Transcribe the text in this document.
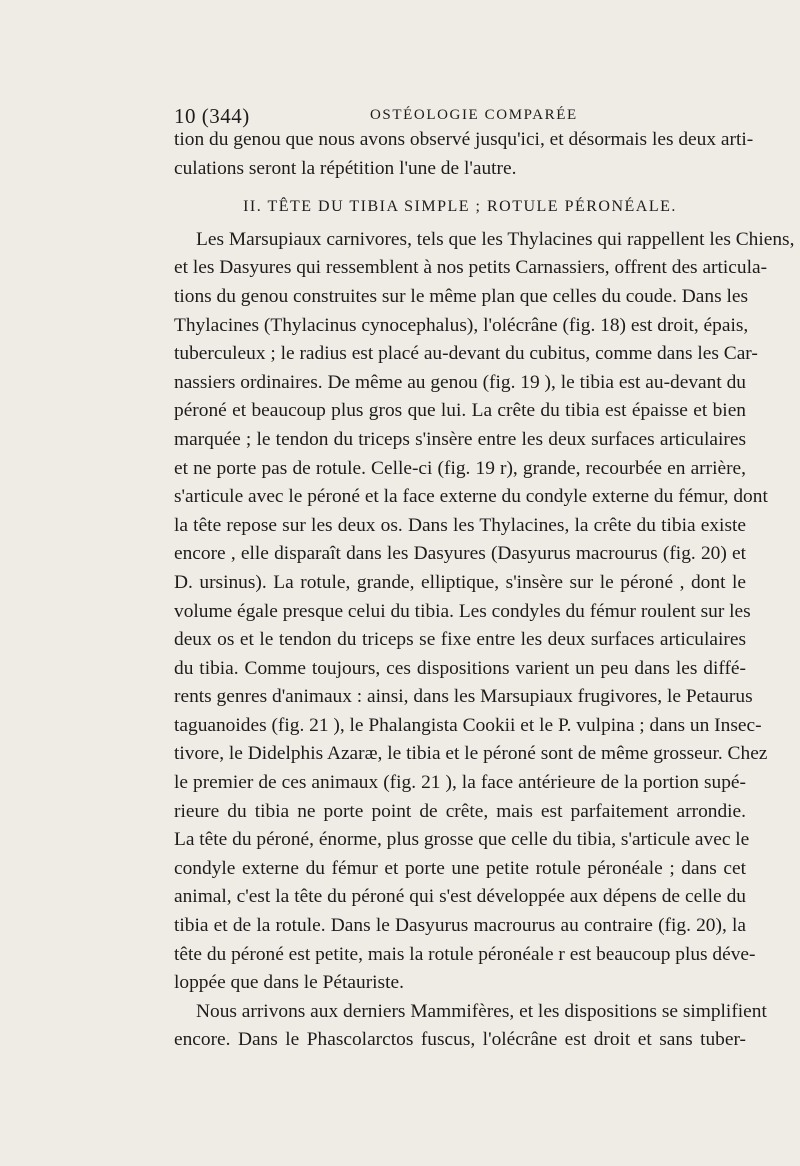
10 (344)	OSTÉOLOGIE COMPARÉE
tion du genou que nous avons observé jusqu'ici, et désormais les deux arti-
culations seront la répétition l'une de l'autre.
II. TÊTE DU TIBIA SIMPLE ; ROTULE PÉRONÉALE.
Les Marsupiaux carnivores, tels que les Thylacines qui rappellent les Chiens,
et les Dasyures qui ressemblent à nos petits Carnassiers, offrent des articula-
tions du genou construites sur le même plan que celles du coude. Dans les
Thylacines (Thylacinus cynocephalus), l'olécrâne (fig. 18) est droit, épais,
tuberculeux ; le radius est placé au-devant du cubitus, comme dans les Car-
nassiers ordinaires. De même au genou (fig. 19 ), le tibia est au-devant du
péroné et beaucoup plus gros que lui. La crête du tibia est épaisse et bien
marquée ; le tendon du triceps s'insère entre les deux surfaces articulaires
et ne porte pas de rotule. Celle-ci (fig. 19 r), grande, recourbée en arrière,
s'articule avec le péroné et la face externe du condyle externe du fémur, dont
la tête repose sur les deux os. Dans les Thylacines, la crête du tibia existe
encore , elle disparaît dans les Dasyures (Dasyurus macrourus (fig. 20) et
D. ursinus). La rotule, grande, elliptique, s'insère sur le péroné , dont le
volume égale presque celui du tibia. Les condyles du fémur roulent sur les
deux os et le tendon du triceps se fixe entre les deux surfaces articulaires
du tibia. Comme toujours, ces dispositions varient un peu dans les diffé-
rents genres d'animaux : ainsi, dans les Marsupiaux frugivores, le Petaurus
taguanoides (fig. 21 ), le Phalangista Cookii et le P. vulpina ; dans un Insec-
tivore, le Didelphis Azaræ, le tibia et le péroné sont de même grosseur. Chez
le premier de ces animaux (fig. 21 ), la face antérieure de la portion supé-
rieure du tibia ne porte point de crête, mais est parfaitement arrondie.
La tête du péroné, énorme, plus grosse que celle du tibia, s'articule avec le
condyle externe du fémur et porte une petite rotule péronéale ; dans cet
animal, c'est la tête du péroné qui s'est développée aux dépens de celle du
tibia et de la rotule. Dans le Dasyurus macrourus au contraire (fig. 20), la
tête du péroné est petite, mais la rotule péronéale r est beaucoup plus déve-
loppée que dans le Pétauriste.
Nous arrivons aux derniers Mammifères, et les dispositions se simplifient
encore. Dans le Phascolarctos fuscus, l'olécrâne est droit et sans tuber-
